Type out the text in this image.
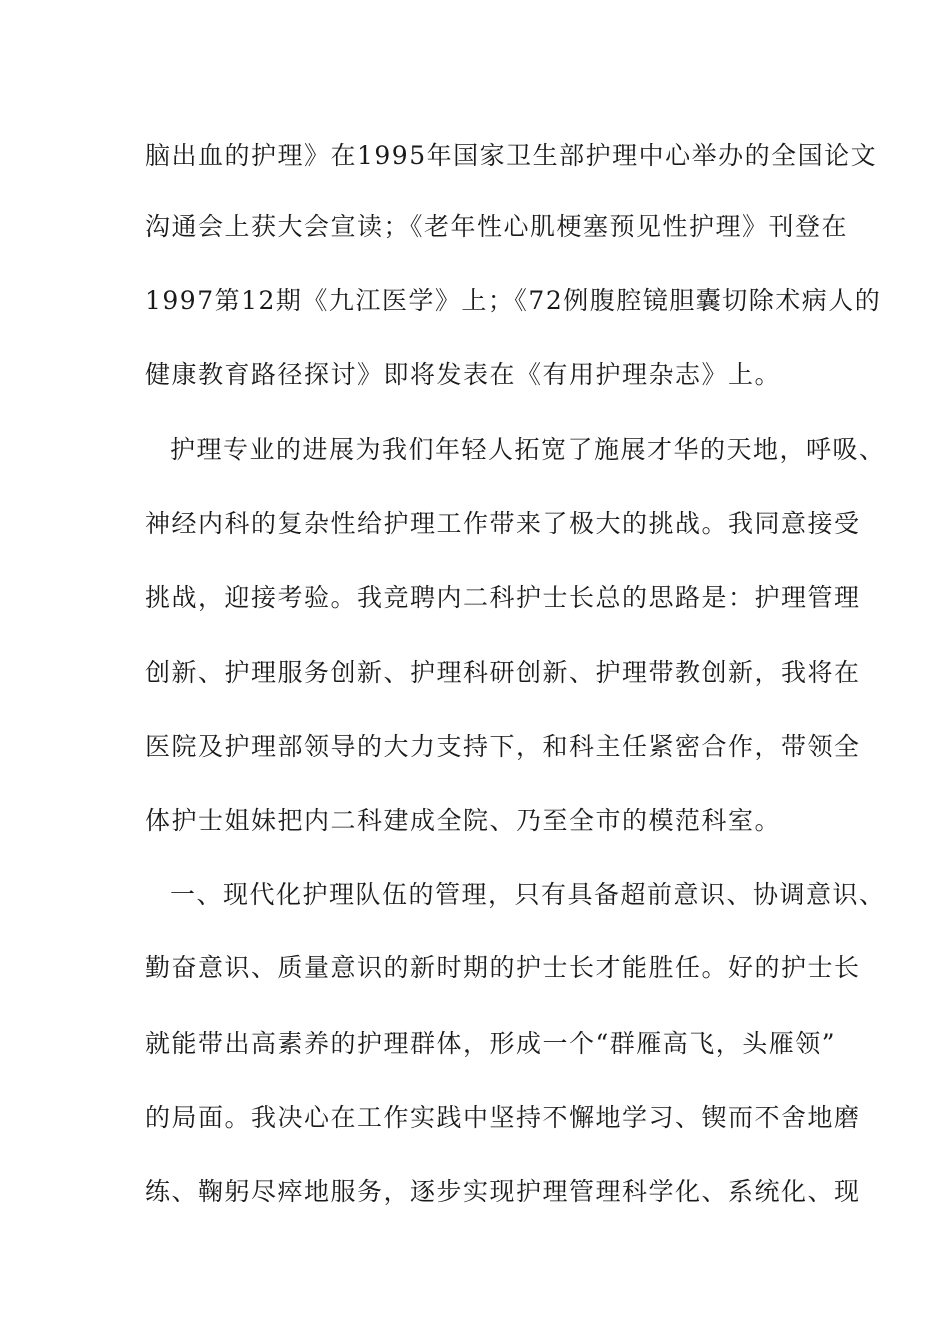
脑出血的护理》在1995年国家卫生部护理中心举办的全国论文
沟通会上获大会宣读；《老年性心肌梗塞预见性护理》刊登在
1997第12期《九江医学》上；《72例腹腔镜胆囊切除术病人的
健康教育路径探讨》即将发表在《有用护理杂志》上。
护理专业的进展为我们年轻人拓宽了施展才华的天地，呼吸、
神经内科的复杂性给护理工作带来了极大的挑战。我同意接受
挑战，迎接考验。我竞聘内二科护士长总的思路是：护理管理
创新、护理服务创新、护理科研创新、护理带教创新，我将在
医院及护理部领导的大力支持下，和科主任紧密合作，带领全
体护士姐妹把内二科建成全院、乃至全市的模范科室。
一、现代化护理队伍的管理，只有具备超前意识、协调意识、
勤奋意识、质量意识的新时期的护士长才能胜任。好的护士长
就能带出高素养的护理群体，形成一个“群雁高飞，头雁领”
的局面。我决心在工作实践中坚持不懈地学习、锲而不舍地磨
练、鞠躬尽瘁地服务，逐步实现护理管理科学化、系统化、现
